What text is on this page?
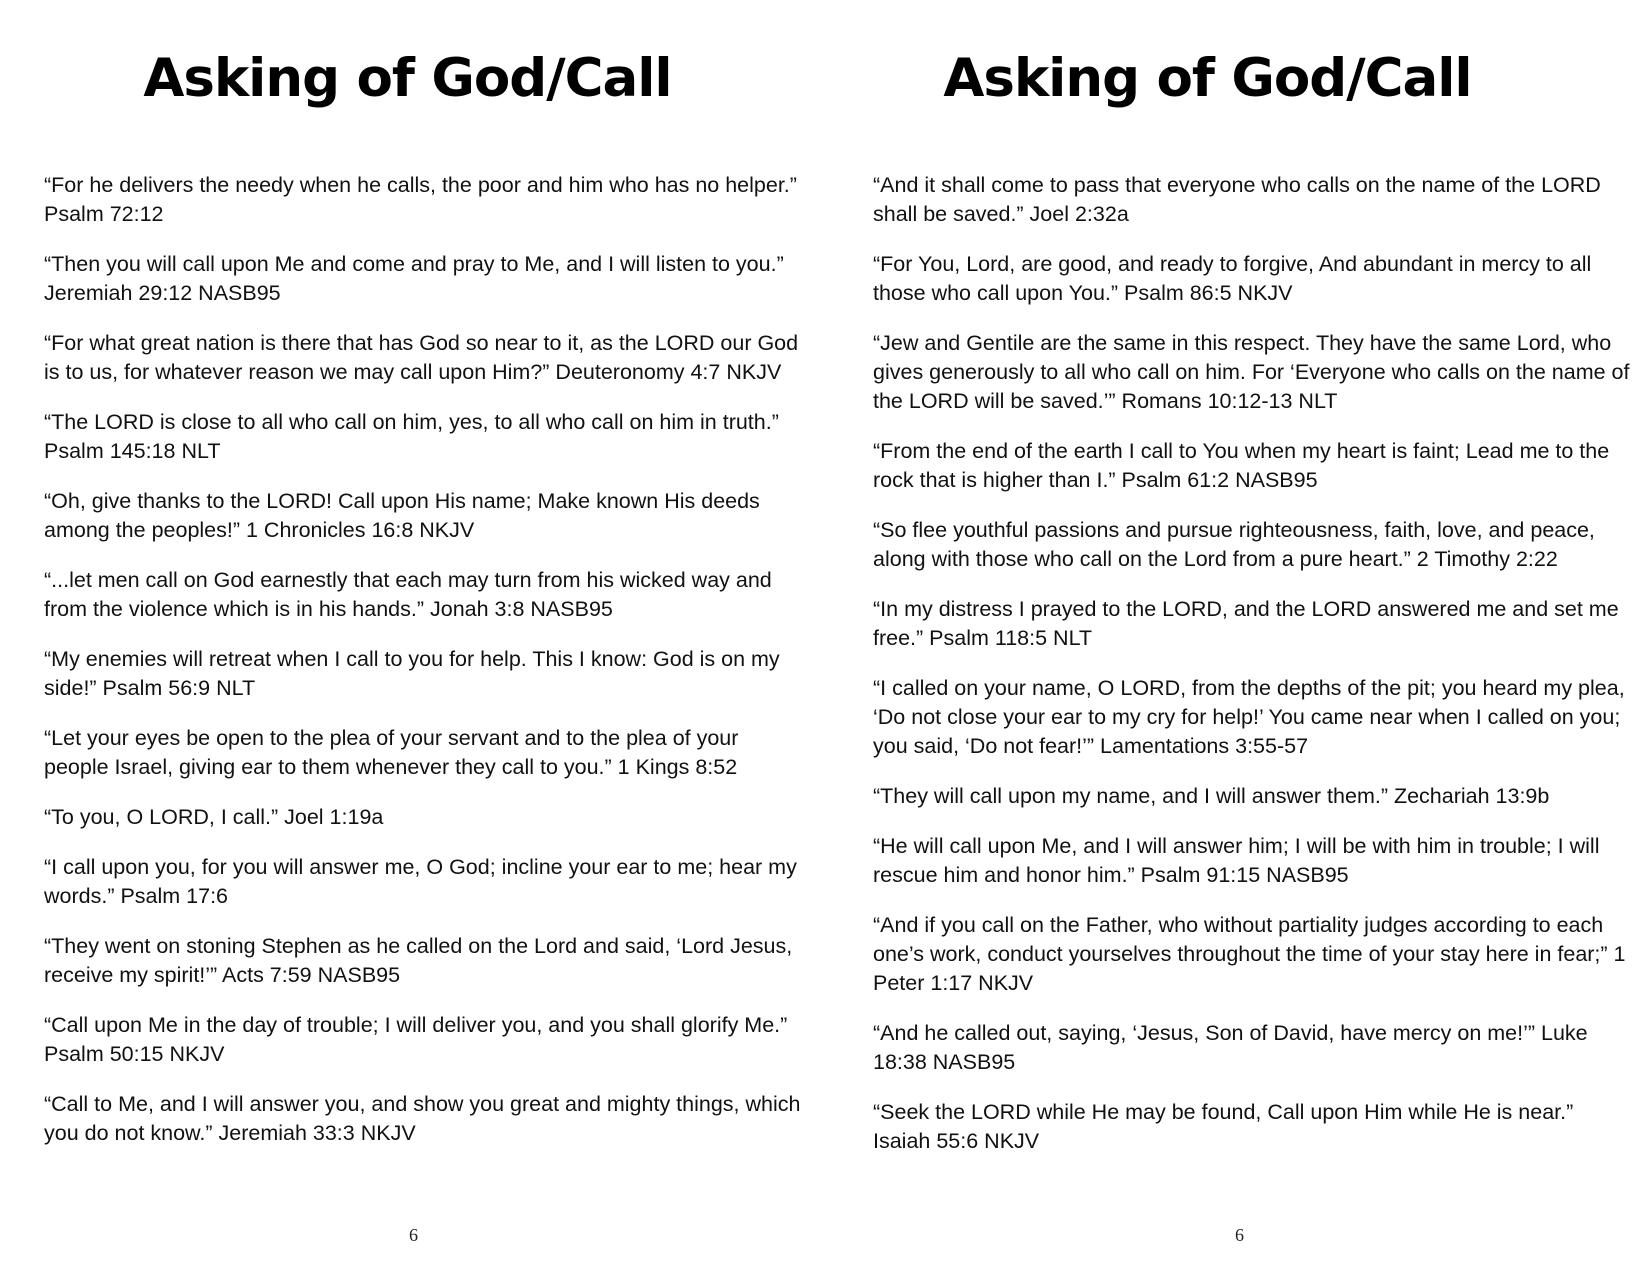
Asking of God/Call

“For he delivers the needy when he calls, the poor and him who has no helper.” Psalm 72:12

“Then you will call upon Me and come and pray to Me, and I will listen to you.” Jeremiah 29:12 NASB95

“For what great nation is there that has God so near to it, as the LORD our God is to us, for whatever reason we may call upon Him?” Deuteronomy 4:7 NKJV

“The LORD is close to all who call on him, yes, to all who call on him in truth.” Psalm 145:18 NLT

“Oh, give thanks to the LORD! Call upon His name; Make known His deeds among the peoples!” 1 Chronicles 16:8 NKJV

“...let men call on God earnestly that each may turn from his wicked way and from the violence which is in his hands.” Jonah 3:8 NASB95

“My enemies will retreat when I call to you for help. This I know: God is on my side!” Psalm 56:9 NLT

“Let your eyes be open to the plea of your servant and to the plea of your people Israel, giving ear to them whenever they call to you.” 1 Kings 8:52

“To you, O LORD, I call.” Joel 1:19a

“I call upon you, for you will answer me, O God; incline your ear to me; hear my words.” Psalm 17:6

“They went on stoning Stephen as he called on the Lord and said, ‘Lord Jesus, receive my spirit!’” Acts 7:59 NASB95

“Call upon Me in the day of trouble; I will deliver you, and you shall glorify Me.” Psalm 50:15 NKJV

“Call to Me, and I will answer you, and show you great and mighty things, which you do not know.” Jeremiah 33:3 NKJV

6
Asking of God/Call

“And it shall come to pass that everyone who calls on the name of the LORD shall be saved.” Joel 2:32a

“For You, Lord, are good, and ready to forgive, And abundant in mercy to all those who call upon You.” Psalm 86:5 NKJV

“Jew and Gentile are the same in this respect. They have the same Lord, who gives generously to all who call on him. For ‘Everyone who calls on the name of the LORD will be saved.’” Romans 10:12-13 NLT

“From the end of the earth I call to You when my heart is faint; Lead me to the rock that is higher than I.” Psalm 61:2 NASB95

“So flee youthful passions and pursue righteousness, faith, love, and peace, along with those who call on the Lord from a pure heart.” 2 Timothy 2:22

“In my distress I prayed to the LORD, and the LORD answered me and set me free.” Psalm 118:5 NLT

“I called on your name, O LORD, from the depths of the pit; you heard my plea, ‘Do not close your ear to my cry for help!’ You came near when I called on you; you said, ‘Do not fear!’” Lamentations 3:55-57

“They will call upon my name, and I will answer them.” Zechariah 13:9b

“He will call upon Me, and I will answer him; I will be with him in trouble; I will rescue him and honor him.” Psalm 91:15 NASB95

“And if you call on the Father, who without partiality judges according to each one’s work, conduct yourselves throughout the time of your stay here in fear;” 1 Peter 1:17 NKJV

“And he called out, saying, ‘Jesus, Son of David, have mercy on me!’” Luke 18:38 NASB95

“Seek the LORD while He may be found, Call upon Him while He is near.” Isaiah 55:6 NKJV

6
